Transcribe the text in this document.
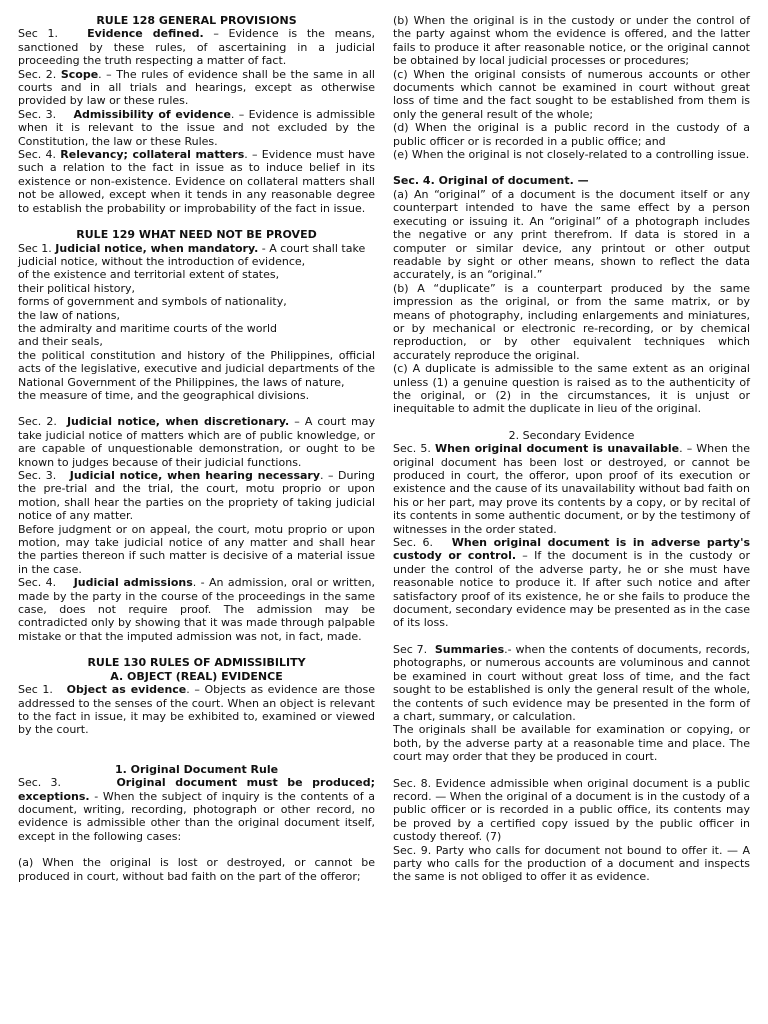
RULE 128 GENERAL PROVISIONS

Sec 1.	Evidence defined. – Evidence is the means, sanctioned by these rules, of ascertaining in a judicial proceeding the truth respecting a matter of fact.

Sec. 2. Scope. – The rules of evidence shall be the same in all courts and in all trials and hearings, except as otherwise provided by law or these rules.

Sec. 3. Admissibility of evidence. – Evidence is admissible when it is relevant to the issue and not excluded by the Constitution, the law or these Rules.

Sec. 4. Relevancy; collateral matters. – Evidence must have such a relation to the fact in issue as to induce belief in its existence or non-existence. Evidence on collateral matters shall not be allowed, except when it tends in any reasonable degree to establish the probability or improbability of the fact in issue.

RULE 129 WHAT NEED NOT BE PROVED

Sec 1. Judicial notice, when mandatory. - A court shall take judicial notice, without the introduction of evidence,

of the existence and territorial extent of states,

their political history,

forms of government and symbols of nationality,

the law of nations,

the admiralty and maritime courts of the world

and their seals,

the political constitution and history of the Philippines, official acts of the legislative, executive and judicial departments of the National Government of the Philippines, the laws of nature,

the measure of time, and the geographical divisions.

Sec. 2. Judicial notice, when discretionary. – A court may take judicial notice of matters which are of public knowledge, or are capable of unquestionable demonstration, or ought to be known to judges because of their judicial functions.

Sec. 3. Judicial notice, when hearing necessary. – During the pre-trial and the trial, the court, motu proprio or upon motion, shall hear the parties on the propriety of taking judicial notice of any matter.

Before judgment or on appeal, the court, motu proprio or upon motion, may take judicial notice of any matter and shall hear the parties thereon if such matter is decisive of a material issue in the case.

Sec. 4. Judicial admissions. - An admission, oral or written, made by the party in the course of the proceedings in the same case, does not require proof. The admission may be contradicted only by showing that it was made through palpable mistake or that the imputed admission was not, in fact, made.

RULE 130 RULES OF ADMISSIBILITY

A. OBJECT (REAL) EVIDENCE

Sec 1. Object as evidence. – Objects as evidence are those addressed to the senses of the court. When an object is relevant to the fact in issue, it may be exhibited to, examined or viewed by the court.

1. Original Document Rule

Sec. 3.	Original document must be produced; exceptions. - When the subject of inquiry is the contents of a document, writing, recording, photograph or other record, no evidence is admissible other than the original document itself, except in the following cases:

(a) When the original is lost or destroyed, or cannot be produced in court, without bad faith on the part of the offeror;

(b) When the original is in the custody or under the control of the party against whom the evidence is offered, and the latter fails to produce it after reasonable notice, or the original cannot be obtained by local judicial processes or procedures;

(c) When the original consists of numerous accounts or other documents which cannot be examined in court without great loss of time and the fact sought to be established from them is only the general result of the whole;

(d) When the original is a public record in the custody of a public officer or is recorded in a public office; and

(e) When the original is not closely-related to a controlling issue.

Sec. 4. Original of document. —

(a) An “original” of a document is the document itself or any counterpart intended to have the same effect by a person executing or issuing it. An “original” of a photograph includes the negative or any print therefrom. If data is stored in a computer or similar device, any printout or other output readable by sight or other means, shown to reflect the data accurately, is an “original.”

(b) A “duplicate” is a counterpart produced by the same impression as the original, or from the same matrix, or by means of photography, including enlargements and miniatures, or by mechanical or electronic re-recording, or by chemical reproduction, or by other equivalent techniques which accurately reproduce the original.

(c) A duplicate is admissible to the same extent as an original unless (1) a genuine question is raised as to the authenticity of the original, or (2) in the circumstances, it is unjust or inequitable to admit the duplicate in lieu of the original.

2. Secondary Evidence

Sec. 5. When original document is unavailable. – When the original document has been lost or destroyed, or cannot be produced in court, the offeror, upon proof of its execution or existence and the cause of its unavailability without bad faith on his or her part, may prove its contents by a copy, or by recital of its contents in some authentic document, or by the testimony of witnesses in the order stated.

Sec. 6. When original document is in adverse party's custody or control. – If the document is in the custody or under the control of the adverse party, he or she must have reasonable notice to produce it. If after such notice and after satisfactory proof of its existence, he or she fails to produce the document, secondary evidence may be presented as in the case of its loss.

Sec 7. Summaries.- when the contents of documents, records, photographs, or numerous accounts are voluminous and cannot be examined in court without great loss of time, and the fact sought to be established is only the general result of the whole, the contents of such evidence may be presented in the form of a chart, summary, or calculation.

The originals shall be available for examination or copying, or both, by the adverse party at a reasonable time and place. The court may order that they be produced in court.

Sec. 8. Evidence admissible when original document is a public record. — When the original of a document is in the custody of a public officer or is recorded in a public office, its contents may be proved by a certified copy issued by the public officer in custody thereof. (7)

Sec. 9. Party who calls for document not bound to offer it. — A party who calls for the production of a document and inspects the same is not obliged to offer it as evidence.
